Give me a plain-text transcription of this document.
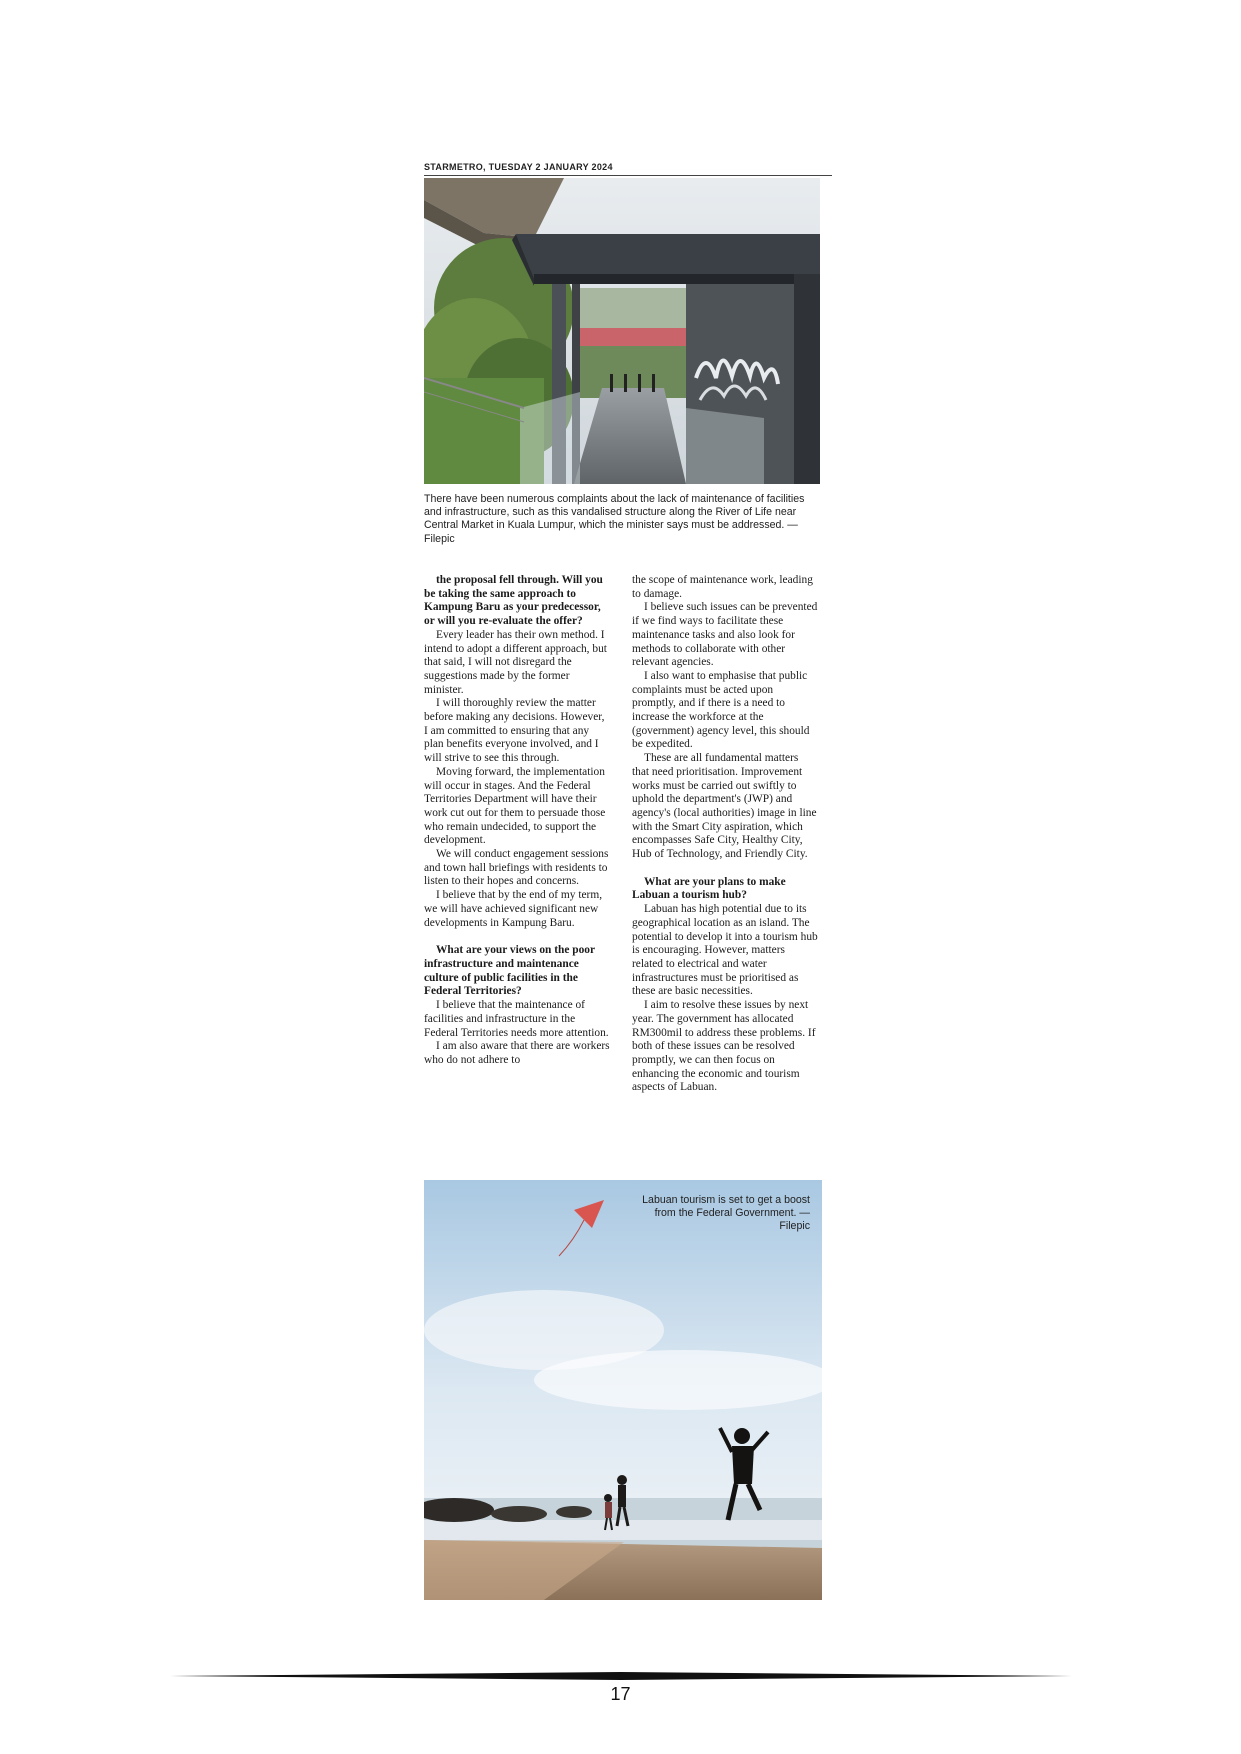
STARMETRO, TUESDAY 2 JANUARY 2024
There have been numerous complaints about the lack of maintenance of facilities and infrastructure, such as this vandalised structure along the River of Life near Central Market in Kuala Lumpur, which the minister says must be addressed. — Filepic

the proposal fell through. Will you be taking the same approach to Kampung Baru as your predecessor, or will you re-evaluate the offer?

Every leader has their own method. I intend to adopt a different approach, but that said, I will not disregard the suggestions made by the former minister.

I will thoroughly review the matter before making any decisions. However, I am committed to ensuring that any plan benefits everyone involved, and I will strive to see this through.

Moving forward, the implementation will occur in stages. And the Federal Territories Department will have their work cut out for them to persuade those who remain undecided, to support the development.

We will conduct engagement sessions and town hall briefings with residents to listen to their hopes and concerns.

I believe that by the end of my term, we will have achieved significant new developments in Kampung Baru.

What are your views on the poor infrastructure and maintenance culture of public facilities in the Federal Territories?

I believe that the maintenance of facilities and infrastructure in the Federal Territories needs more attention.

I am also aware that there are workers who do not adhere to

the scope of maintenance work, leading to damage.

I believe such issues can be prevented if we find ways to facilitate these maintenance tasks and also look for methods to collaborate with other relevant agencies.

I also want to emphasise that public complaints must be acted upon promptly, and if there is a need to increase the workforce at the (government) agency level, this should be expedited.

These are all fundamental matters that need prioritisation. Improvement works must be carried out swiftly to uphold the department's (JWP) and agency's (local authorities) image in line with the Smart City aspiration, which encompasses Safe City, Healthy City, Hub of Technology, and Friendly City.

What are your plans to make Labuan a tourism hub?

Labuan has high potential due to its geographical location as an island. The potential to develop it into a tourism hub is encouraging. However, matters related to electrical and water infrastructures must be prioritised as these are basic necessities.

I aim to resolve these issues by next year. The government has allocated RM300mil to address these problems. If both of these issues can be resolved promptly, we can then focus on enhancing the economic and tourism aspects of Labuan.

Labuan tourism is set to get a boost from the Federal Government. — Filepic
17
